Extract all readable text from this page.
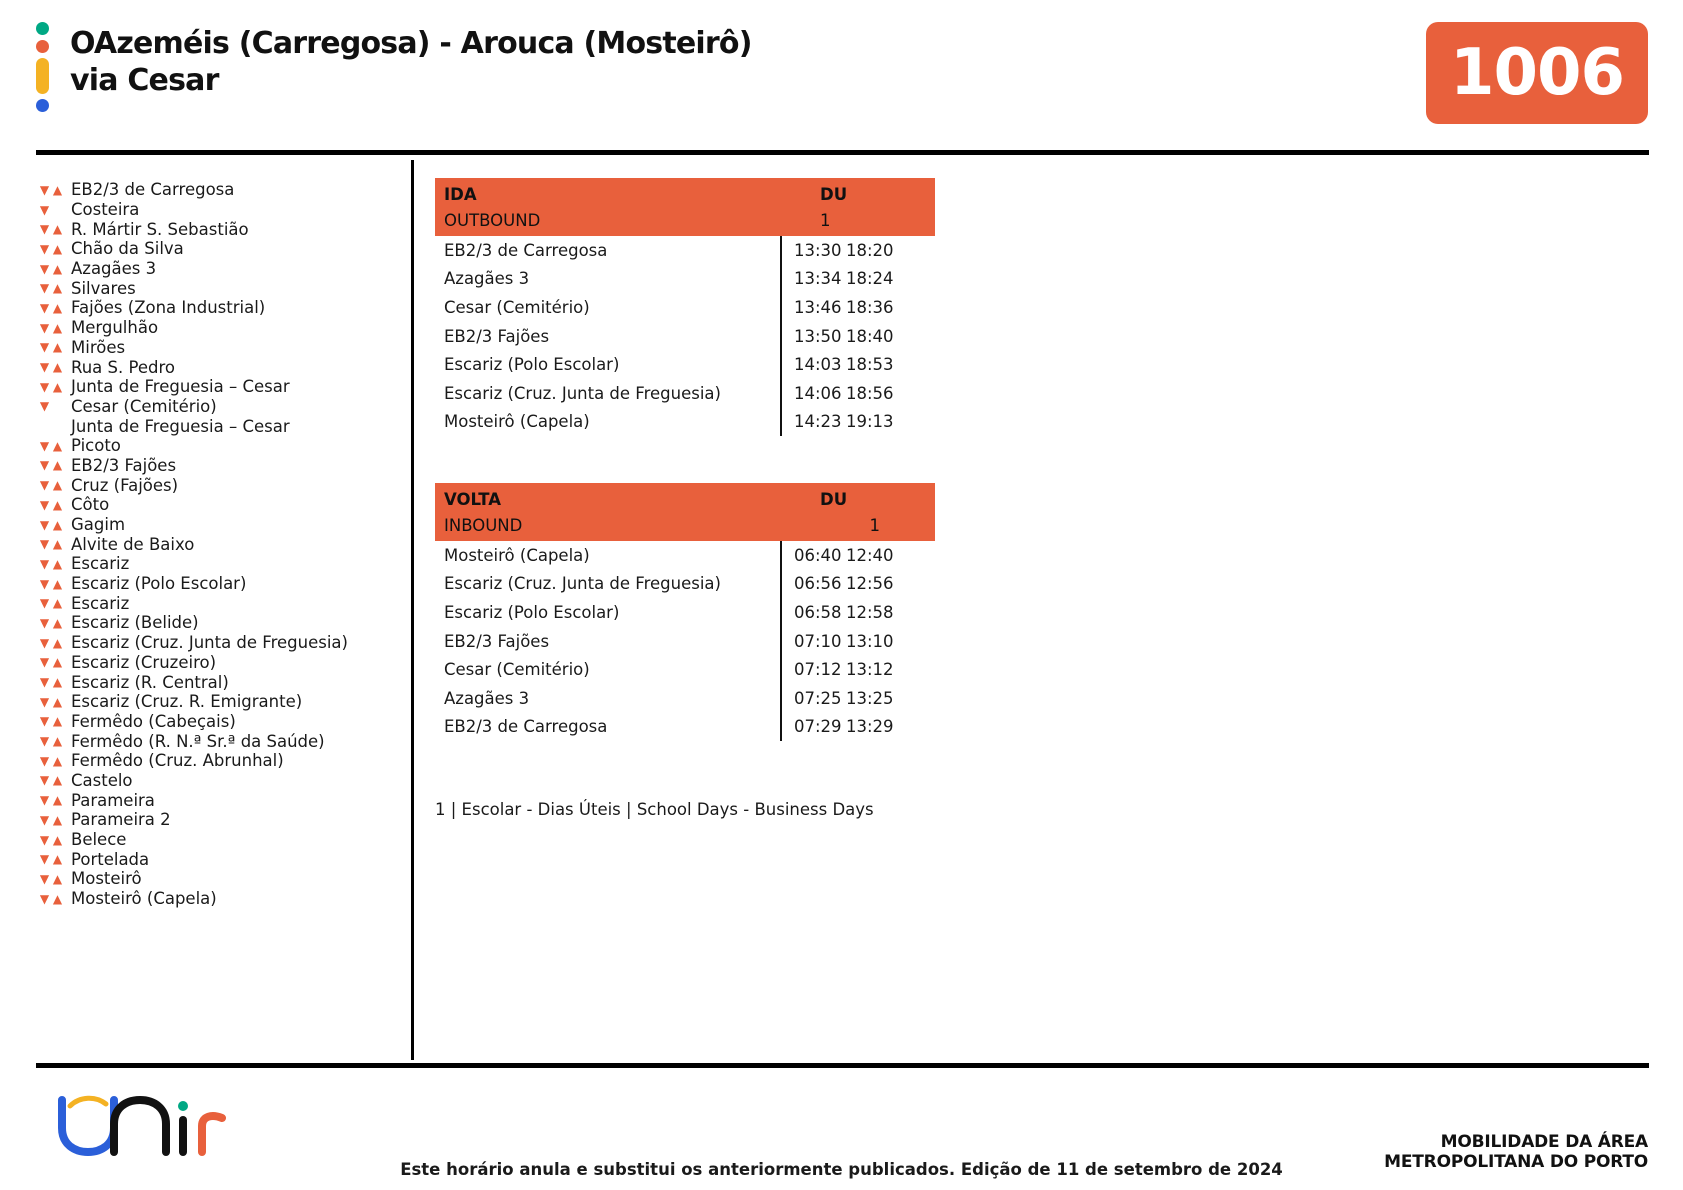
OAzeméis (Carregosa) - Arouca (Mosteirô)
via Cesar	1006
▼
▲
EB2/3 de Carregosa
▼
Costeira
▼
▲
R. Mártir S. Sebastião
▼
▲
Chão da Silva
▼
▲
Azagães 3
▼
▲
Silvares
▼
▲
Fajões (Zona Industrial)
▼
▲
Mergulhão
▼
▲
Mirões
▼
▲
Rua S. Pedro
▼
▲
Junta de Freguesia – Cesar
▼
Cesar (Cemitério)
Junta de Freguesia – Cesar
▼
▲
Picoto
▼
▲
EB2/3 Fajões
▼
▲
Cruz (Fajões)
▼
▲
Côto
▼
▲
Gagim
▼
▲
Alvite de Baixo
▼
▲
Escariz
▼
▲
Escariz (Polo Escolar)
▼
▲
Escariz
▼
▲
Escariz (Belide)
▼
▲
Escariz (Cruz. Junta de Freguesia)
▼
▲
Escariz (Cruzeiro)
▼
▲
Escariz (R. Central)
▼
▲
Escariz (Cruz. R. Emigrante)
▼
▲
Fermêdo (Cabeçais)
▼
▲
Fermêdo (R. N.ª Sr.ª da Saúde)
▼
▲
Fermêdo (Cruz. Abrunhal)
▼
▲
Castelo
▼
▲
Parameira
▼
▲
Parameira 2
▼
▲
Belece
▼
▲
Portelada
▼
▲
Mosteirô
▼
▲
Mosteirô (Capela)
IDA
OUTBOUND
DU
1
EB2/3 de Carregosa	13:30 18:20
Azagães 3	13:34 18:24
Cesar (Cemitério)	13:46 18:36
EB2/3 Fajões	13:50 18:40
Escariz (Polo Escolar)	14:03 18:53
Escariz (Cruz. Junta de Freguesia)	14:06 18:56
Mosteirô (Capela)	14:23 19:13
VOLTA
INBOUND
DU
1
Mosteirô (Capela)	06:40 12:40
Escariz (Cruz. Junta de Freguesia)	06:56 12:56
Escariz (Polo Escolar)	06:58 12:58
EB2/3 Fajões	07:10 13:10
Cesar (Cemitério)	07:12 13:12
Azagães 3	07:25 13:25
EB2/3 de Carregosa	07:29 13:29
1 | Escolar - Dias Úteis | School Days - Business Days
Este horário anula e substitui os anteriormente publicados. Edição de 11 de setembro de 2024
MOBILIDADE DA ÁREA
METROPOLITANA DO PORTO
